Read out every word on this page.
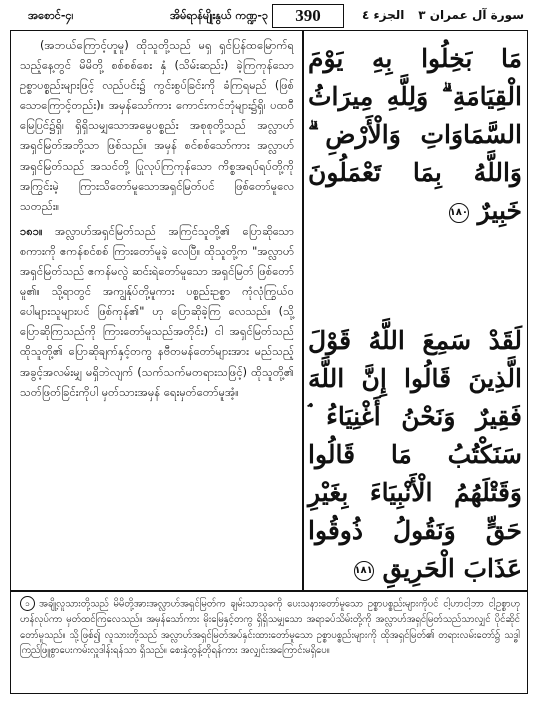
အစောင်-၄၊	အိမ်ရာန်မျိုးနွယ် ကဏ္ဍ-၃	390	الجزء ٤ سورة آل عمران ٣

(အဘယ်ကြောင့်ဟူမူ) ထိုသူတို့သည် မရှ ရှင်ပြန်ထမြောက်ရသည့်နေ့တွင် မိမိတို့ စစ်စစ်စေး နှံ (သိမ်းဆည်း) ခဲ့ကြကုန်သော ဥစ္စာပစ္စည်းများဖြင့် လည်ပင်း၌ ကွင်းစွပ်ခြင်းကို ခံကြရမည် (ဖြစ်သောကြောင့်တည်း)။ အမှန်သော်ကား ကောင်းကင်ဘုံများ၌ရှိ၊ ပထဝီမြေပြင်၌ရှိ၊ ရှိရှိသမျှသောအမွေပစ္စည်း အစုစုတို့သည် အလ္လာဟ် အရှင်မြတ်အဘို့သာ ဖြစ်သည်။ အမှန် စင်စစ်သော်ကား အလ္လာဟ် အရှင်မြတ်သည် အသင်တို့ ပြုလုပ်ကြကုန်သော ကိစ္စအရပ်ရပ်တို့ကို အကြွင်းမဲ့ ကြားသိတော်မူသောအရှင်မြတ်ပင် ဖြစ်တော်မူလေသတည်း။

၁၈၁။ အလ္လာဟ်အရှင်မြတ်သည် အကြင်သူတို့၏ ပြောဆိုသော စကားကို ဧကန်စင်စစ် ကြားတော်မူခဲ့ လေပြီ။ ထိုသူတို့က "အလ္လာဟ်အရှင်မြတ်သည် ဧကန်မလွဲ ဆင်းရဲတော်မူသော အရှင်မြတ် ဖြစ်တော်မူ၏။ သို့ရာတွင် အကျွန်ုပ်တို့မူကား ပစ္စည်းဥစ္စာ ကုံလုံကြွယ်ဝ ပေါများသူများပင် ဖြစ်ကုန်၏" ဟု ပြောဆိုခဲ့ကြ လေသည်။ (သို့ ပြောဆိုကြသည်ကို ကြားတော်မူသည်အတိုင်း) ငါ အရှင်မြတ်သည် ထိုသူတို့၏ ပြောဆိုချက်နှင့်တကွ နဗီတမန်တော်များအား မည်သည့်အခွင့်အလမ်းမျှ မရှိဘဲလျက် (သက်သက်မတရားသဖြင့်) ထိုသူတို့၏ သတ်ဖြတ်ခြင်းကိုပါ မှတ်သားအမှန် ရေးမှတ်တော်မူအံ့။

مَا بَخِلُوا بِهِ يَوْمَ الْقِيَامَةِ ۗ وَلِلَّهِ مِيرَاثُ السَّمَاوَاتِ وَالْأَرْضِ ۗ وَاللَّهُ بِمَا تَعْمَلُونَ خَبِيرٌ ١٨٠
لَقَدْ سَمِعَ اللَّهُ قَوْلَ الَّذِينَ قَالُوا إِنَّ اللَّهَ فَقِيرٌ وَنَحْنُ أَغْنِيَاءُ ۘ سَنَكْتُبُ مَا قَالُوا وَقَتْلَهُمُ الْأَنْبِيَاءَ بِغَيْرِ حَقٍّ وَنَقُولُ ذُوقُوا عَذَابَ الْحَرِيقِ ١٨١
၁ အချို့လူသားတို့သည် မိမိတို့အားအလ္လာဟ်အရှင်မြတ်က ချမ်းသာသုခကို ပေးသနားတော်မူသော ဥစ္စာပစ္စည်းများကိုပင် ငါ့ဟာငါ့ဘာ ငါ့ဥစ္စာဟု ဟန်လုပ်ကာ မှတ်ထင်ကြလေသည်။ အမှန်သော်ကား မိုးမြေနှင့်တကွ ရှိရှိသမျှသော အရာခပ်သိမ်းတို့ကို အလ္လာဟ်အရှင်မြတ်သည်သာလျှင် ပိုင်ဆိုင်တော်မူသည်။ သို့ဖြစ်၍ လူသားတို့သည် အလ္လာဟ်အရှင်မြတ်အပ်နှင်းထားတော်မူသော ဥစ္စာပစ္စည်းများကို ထိုအရှင်မြတ်၏ တရားလမ်းတော်၌ သဒ္ဓါကြည်ဖြူစွာပေးကမ်းလှူဒါန်းရန်သာ ရှိသည်။ စေးနှဲတွန့်တိုရန်ကား အလျှင်းအကြောင်းမရှိပေ။
